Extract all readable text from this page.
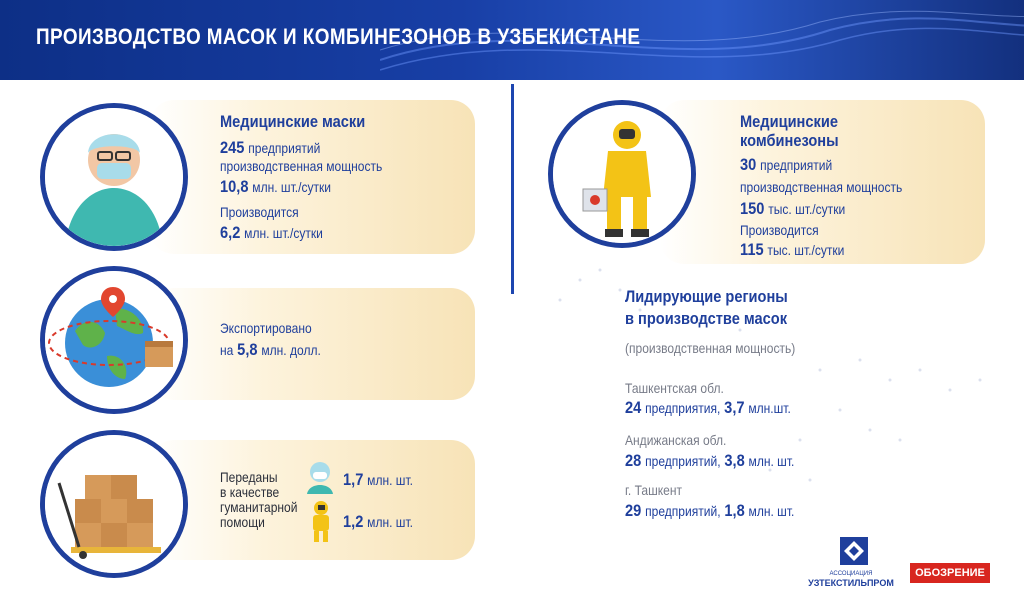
ПРОИЗВОДСТВО МАСОК И КОМБИНЕЗОНОВ В УЗБЕКИСТАНЕ
Медицинские маски
245 предприятий
производственная мощность
10,8 млн. шт./сутки
Производится
6,2 млн. шт./сутки
Экспортировано
на 5,8 млн. долл.
Переданы
в качестве
гуманитарной
помощи
1,7 млн. шт.
1,2 млн. шт.
Медицинские
комбинезоны
30 предприятий
производственная мощность
150 тыс. шт./сутки
Производится
115 тыс. шт./сутки
Лидирующие регионы
в производстве масок
(производственная мощность)
Ташкентская обл.
24 предприятия, 3,7 млн.шт.
Андижанская обл.
28 предприятий, 3,8 млн. шт.
г. Ташкент
29 предприятий, 1,8 млн. шт.
АССОЦИАЦИЯ
УЗТЕКСТИЛЬПРОМ
ОБОЗРЕНИЕ
